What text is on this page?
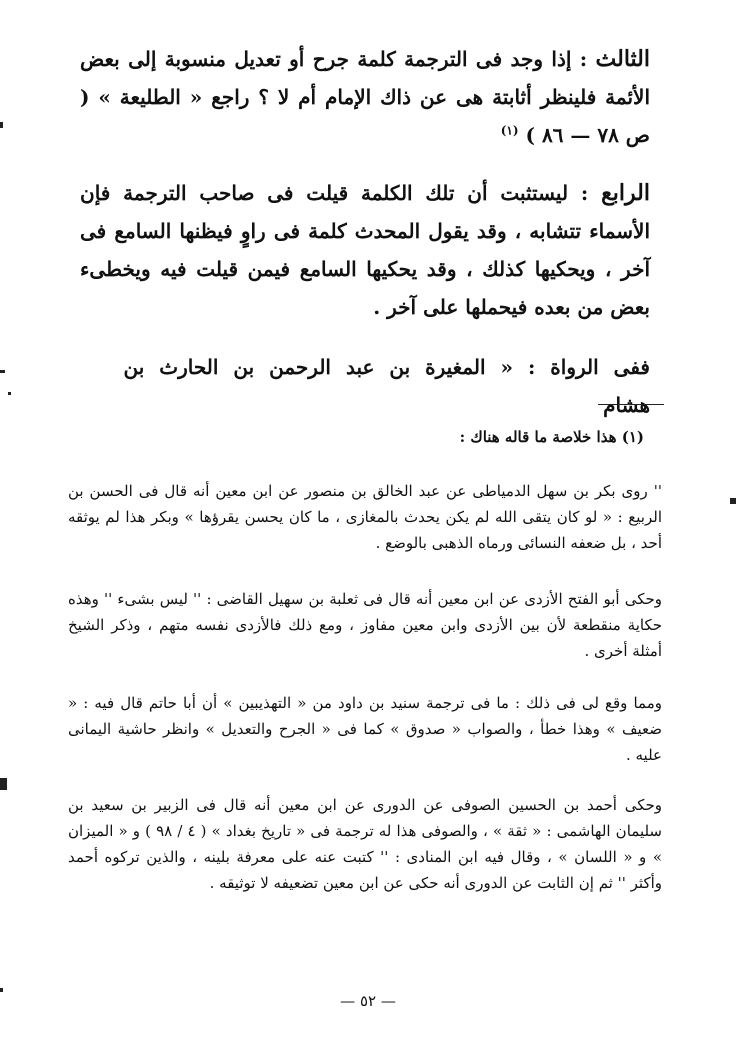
الثالث : إذا وجد فى الترجمة كلمة جرح أو تعديل منسوبة إلى بعض الأئمة فلينظر أثابتة هى عن ذاك الإمام أم لا ؟ راجع « الطليعة » ( ص ٧٨ — ٨٦ ) $^{(١)}$
الرابع : ليستثبت أن تلك الكلمة قيلت فى صاحب الترجمة فإن الأسماء تتشابه ، وقد يقول المحدث كلمة فى راوٍ فيظنها السامع فى آخر ، ويحكيها كذلك ، وقد يحكيها السامع فيمن قيلت فيه ويخطىء بعض من بعده فيحملها على آخر .
ففى الرواة : « المغيرة بن عبد الرحمن بن الحارث بن هشام
(١) هذا خلاصة ما قاله هناك :

'' روى بكر بن سهل الدمياطى عن عبد الخالق بن منصور عن ابن معين أنه قال فى الحسن بن الربيع : « لو كان يتقى الله لم يكن يحدث بالمغازى ، ما كان يحسن يقرؤها » وبكر هذا لم يوثقه أحد ، بل ضعفه النسائى ورماه الذهبى بالوضع .

وحكى أبو الفتح الأزدى عن ابن معين أنه قال فى ثعلبة بن سهيل القاضى : '' ليس بشىء '' وهذه حكاية منقطعة لأن بين الأزدى وابن معين مفاوز ، ومع ذلك فالأزدى نفسه متهم ، وذكر الشيخ أمثلة أخرى .

ومما وقع لى فى ذلك : ما فى ترجمة سنيد بن داود من « التهذيبين » أن أبا حاتم قال فيه : « ضعيف » وهذا خطأ ، والصواب « صدوق » كما فى « الجرح والتعديل » وانظر حاشية اليمانى عليه .

وحكى أحمد بن الحسين الصوفى عن الدورى عن ابن معين أنه قال فى الزبير بن سعيد بن سليمان الهاشمى : « ثقة » ، والصوفى هذا له ترجمة فى « تاريخ بغداد » ( ٤ / ٩٨ ) و « الميزان » و « اللسان » ، وقال فيه ابن المنادى : '' كتبت عنه على معرفة بلينه ، والذين تركوه أحمد وأكثر '' ثم إن الثابت عن الدورى أنه حكى عن ابن معين تضعيفه لا توثيقه .

— ٥٢ —
